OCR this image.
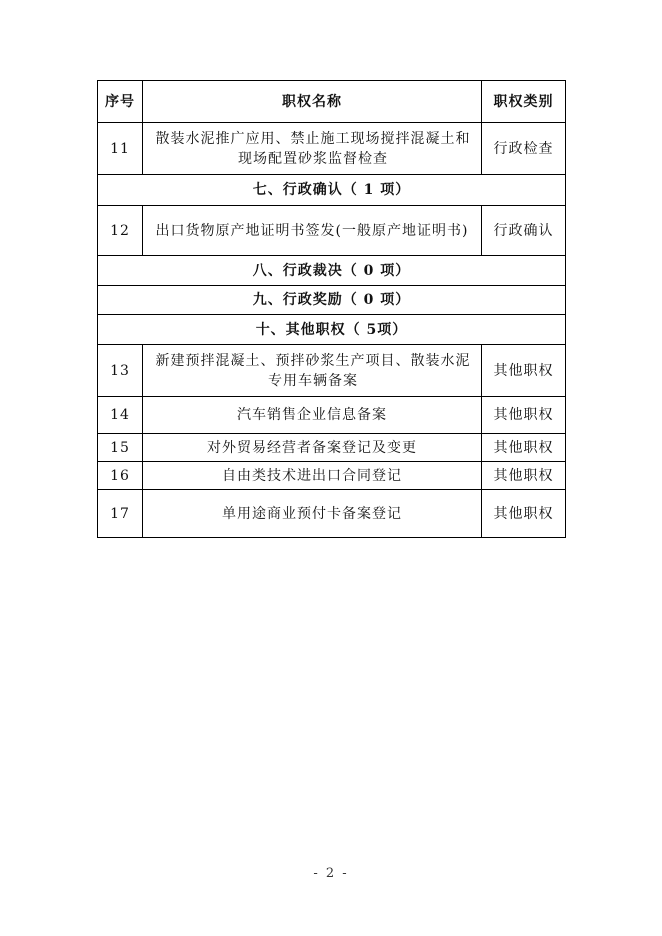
序号	职权名称	职权类别
11	散装水泥推广应用、禁止施工现场搅拌混凝土和现场配置砂浆监督检查	行政检查
七、行政确认（ 1 项）		
12	出口货物原产地证明书签发(一般原产地证明书)	行政确认
八、行政裁决（ 0 项）		
九、行政奖励（ 0 项）		
十、其他职权（ 5项）		
13	新建预拌混凝土、预拌砂浆生产项目、散装水泥专用车辆备案	其他职权
14	汽车销售企业信息备案	其他职权
15	对外贸易经营者备案登记及变更	其他职权
16	自由类技术进出口合同登记	其他职权
17	单用途商业预付卡备案登记	其他职权
- 2 -
